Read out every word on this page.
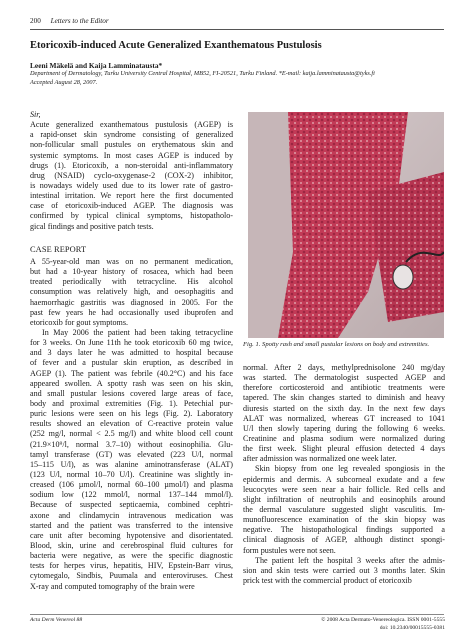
200 Letters to the Editor
Etoricoxib-induced Acute Generalized Exanthematous Pustulosis
Leeni Mäkelä and Kaija Lamminatausta*
Department of Dermatology, Turku University Central Hospital, MB52, FI-20521, Turku Finland. *E-mail: kaija.lamminatausta@tyks.fi
Accepted August 28, 2007.
Sir,
Acute generalized exanthematous pustulosis (AGEP) is
a rapid-onset skin syndrome consisting of generalized
non-follicular small pustules on erythematous skin and
systemic symptoms. In most cases AGEP is induced by
drugs (1). Etoricoxib, a non-steroidal anti-inflammatory
drug (NSAID) cyclo-oxygenase-2 (COX-2) inhibitor,
is nowadays widely used due to its lower rate of gastro-
intestinal irritation. We report here the first documented
case of etoricoxib-induced AGEP. The diagnosis was
confirmed by typical clinical symptoms, histopatholo-
gical findings and positive patch tests.
CASE REPORT
A 55-year-old man was on no permanent medication,
but had a 10-year history of rosacea, which had been
treated periodically with tetracycline. His alcohol
consumption was relatively high, and oesophagitis and
haemorrhagic gastritis was diagnosed in 2005. For the
past few years he had occasionally used ibuprofen and
etoricoxib for gout symptoms.
In May 2006 the patient had been taking tetracycline
for 3 weeks. On June 11th he took etoricoxib 60 mg twice,
and 3 days later he was admitted to hospital because
of fever and a pustular skin eruption, as described in
AGEP (1). The patient was febrile (40.2°C) and his face
appeared swollen. A spotty rash was seen on his skin,
and small pustular lesions covered large areas of face,
body and proximal extremities (Fig. 1). Petechial pur-
puric lesions were seen on his legs (Fig. 2). Laboratory
results showed an elevation of C-reactive protein value
(252 mg/l, normal < 2.5 mg/l) and white blood cell count
(21.9×10⁹/l, normal 3.7–10) without eosinophilia. Glu-
tamyl transferase (GT) was elevated (223 U/l, normal
15–115 U/l), as was alanine aminotransferase (ALAT)
(123 U/l, normal 10–70 U/l). Creatinine was slightly in-
creased (106 µmol/l, normal 60–100 µmol/l) and plasma
sodium low (122 mmol/l, normal 137–144 mmol/l).
Because of suspected septicaemia, combined cephtri-
axone and clindamycin intravenous medication was
started and the patient was transferred to the intensive
care unit after becoming hypotensive and disorientated.
Blood, skin, urine and cerebrospinal fluid cultures for
bacteria were negative, as were the specific diagnostic
tests for herpes virus, hepatitis, HIV, Epstein-Barr virus,
cytomegalo, Sindbis, Puumala and enteroviruses. Chest
X-ray and computed tomography of the brain were
Fig. 1. Spotty rash and small pustular lesions on body and extremities.
normal. After 2 days, methylprednisolone 240 mg/day
was started. The dermatologist suspected AGEP and
therefore corticosteroid and antibiotic treatments were
tapered. The skin changes started to diminish and heavy
diuresis started on the sixth day. In the next few days
ALAT was normalized, whereas GT increased to 1041
U/l then slowly tapering during the following 6 weeks.
Creatinine and plasma sodium were normalized during
the first week. Slight pleural effusion detected 4 days
after admission was normalized one week later.
Skin biopsy from one leg revealed spongiosis in the
epidermis and dermis. A subcorneal exudate and a few
leucocytes were seen near a hair follicle. Red cells and
slight infiltration of neutrophils and eosinophils around
the dermal vasculature suggested slight vasculitis. Im-
munofluorescence examination of the skin biopsy was
negative. The histopathological findings supported a
clinical diagnosis of AGEP, although distinct spongi-
form pustules were not seen.
The patient left the hospital 3 weeks after the admis-
sion and skin tests were carried out 3 months later. Skin
prick test with the commercial product of etoricoxib
Acta Derm Venereol 88	© 2008 Acta Dermato-Venereologica. ISSN 0001-5555
doi: 10.2340/00015555-0381
